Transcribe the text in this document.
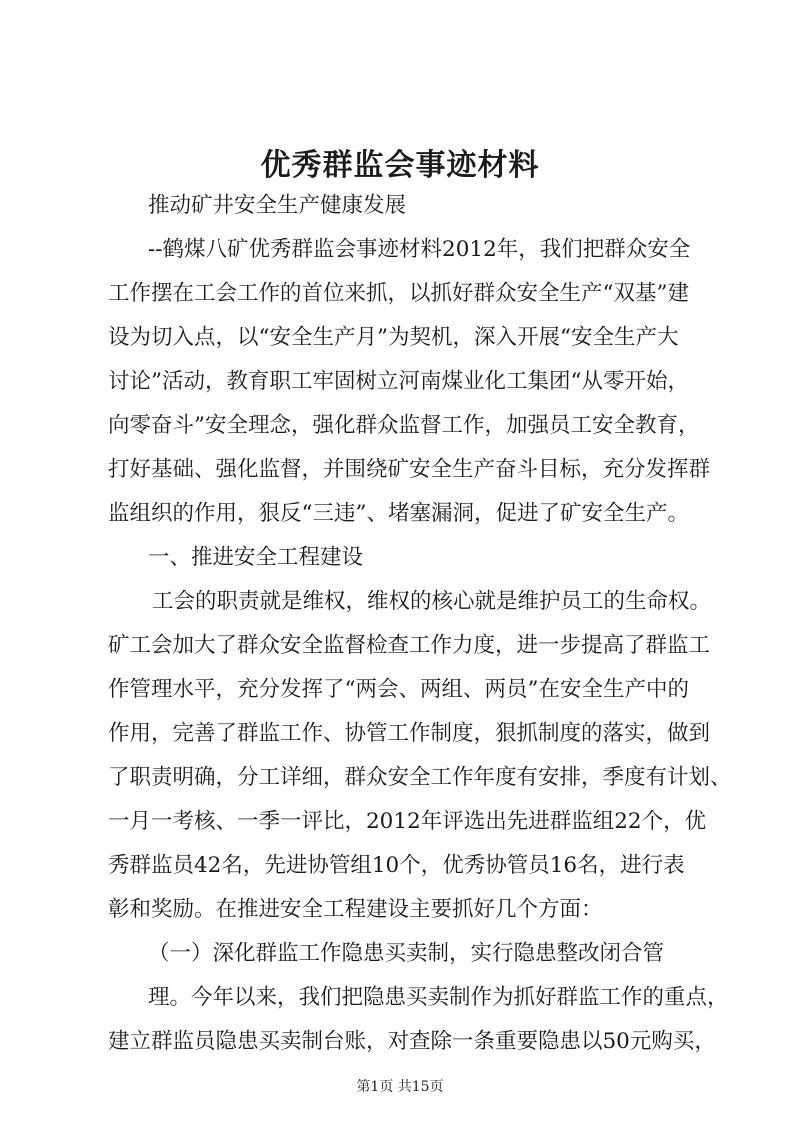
优秀群监会事迹材料
推动矿井安全生产健康发展
--鹤煤八矿优秀群监会事迹材料2012年，我们把群众安全
工作摆在工会工作的首位来抓，以抓好群众安全生产“双基”建
设为切入点，以“安全生产月”为契机，深入开展“安全生产大
讨论”活动，教育职工牢固树立河南煤业化工集团“从零开始，
向零奋斗”安全理念，强化群众监督工作，加强员工安全教育，
打好基础、强化监督，并围绕矿安全生产奋斗目标，充分发挥群
监组织的作用，狠反“三违”、堵塞漏洞，促进了矿安全生产。
一、推进安全工程建设
工会的职责就是维权，维权的核心就是维护员工的生命权。
矿工会加大了群众安全监督检查工作力度，进一步提高了群监工
作管理水平，充分发挥了“两会、两组、两员”在安全生产中的
作用，完善了群监工作、协管工作制度，狠抓制度的落实，做到
了职责明确，分工详细，群众安全工作年度有安排，季度有计划、
一月一考核、一季一评比，2012年评选出先进群监组22个，优
秀群监员42名，先进协管组10个，优秀协管员16名，进行表
彰和奖励。在推进安全工程建设主要抓好几个方面：
（一）深化群监工作隐患买卖制，实行隐患整改闭合管
理。今年以来，我们把隐患买卖制作为抓好群监工作的重点，
建立群监员隐患买卖制台账，对查除一条重要隐患以50元购买，
第1页 共15页
